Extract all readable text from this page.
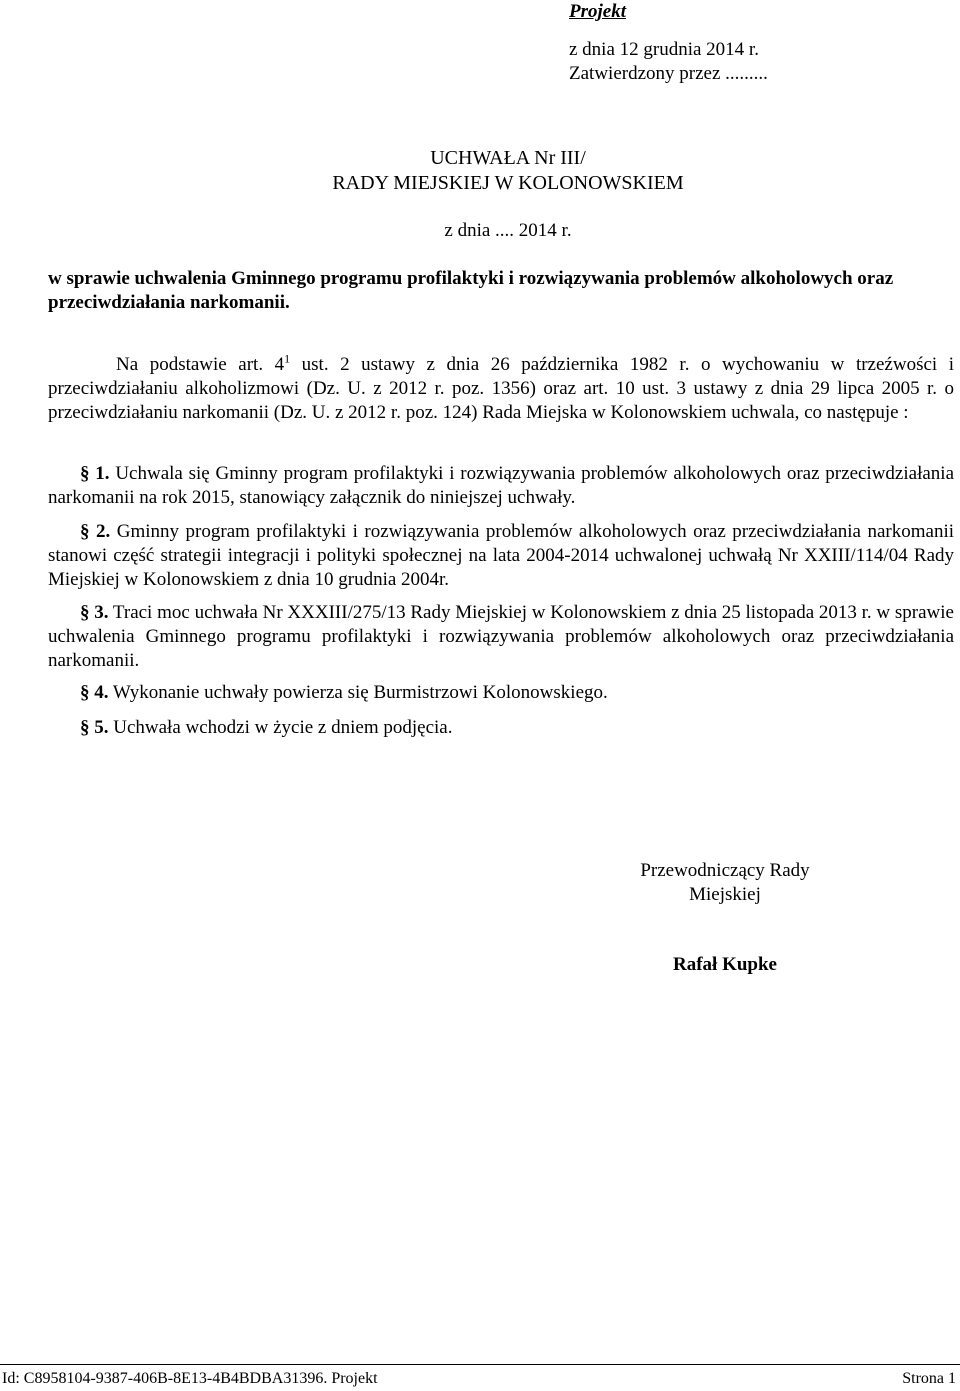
Projekt
z dnia 12 grudnia 2014 r.
Zatwierdzony przez .........
UCHWAŁA Nr III/
RADY MIEJSKIEJ W KOLONOWSKIEM
z dnia .... 2014 r.
w sprawie uchwalenia Gminnego programu profilaktyki i rozwiązywania problemów alkoholowych oraz
przeciwdziałania narkomanii.
Na podstawie art. $4^1$ ust. 2 ustawy z dnia 26 października 1982 r. o wychowaniu w trzeźwości i przeciwdziałaniu alkoholizmowi (Dz. U. z 2012 r. poz. 1356) oraz art. 10 ust. 3 ustawy z dnia 29 lipca 2005 r. o przeciwdziałaniu narkomanii (Dz. U. z 2012 r. poz. 124) Rada Miejska w Kolonowskiem uchwala, co następuje :
§ 1. Uchwala się Gminny program profilaktyki i rozwiązywania problemów alkoholowych oraz przeciwdziałania narkomanii na rok 2015, stanowiący załącznik do niniejszej uchwały.
§ 2. Gminny program profilaktyki i rozwiązywania problemów alkoholowych oraz przeciwdziałania narkomanii stanowi część strategii integracji i polityki społecznej na lata 2004-2014 uchwalonej uchwałą Nr XXIII/114/04 Rady Miejskiej w Kolonowskiem z dnia 10 grudnia 2004r.
§ 3. Traci moc uchwała Nr XXXIII/275/13 Rady Miejskiej w Kolonowskiem z dnia 25 listopada 2013 r. w sprawie uchwalenia Gminnego programu profilaktyki i rozwiązywania problemów alkoholowych oraz przeciwdziałania narkomanii.
§ 4. Wykonanie uchwały powierza się Burmistrzowi Kolonowskiego.
§ 5. Uchwała wchodzi w życie z dniem podjęcia.
Przewodniczący Rady
Miejskiej
Rafał Kupke
Id: C8958104-9387-406B-8E13-4B4BDBA31396. Projekt	Strona 1
